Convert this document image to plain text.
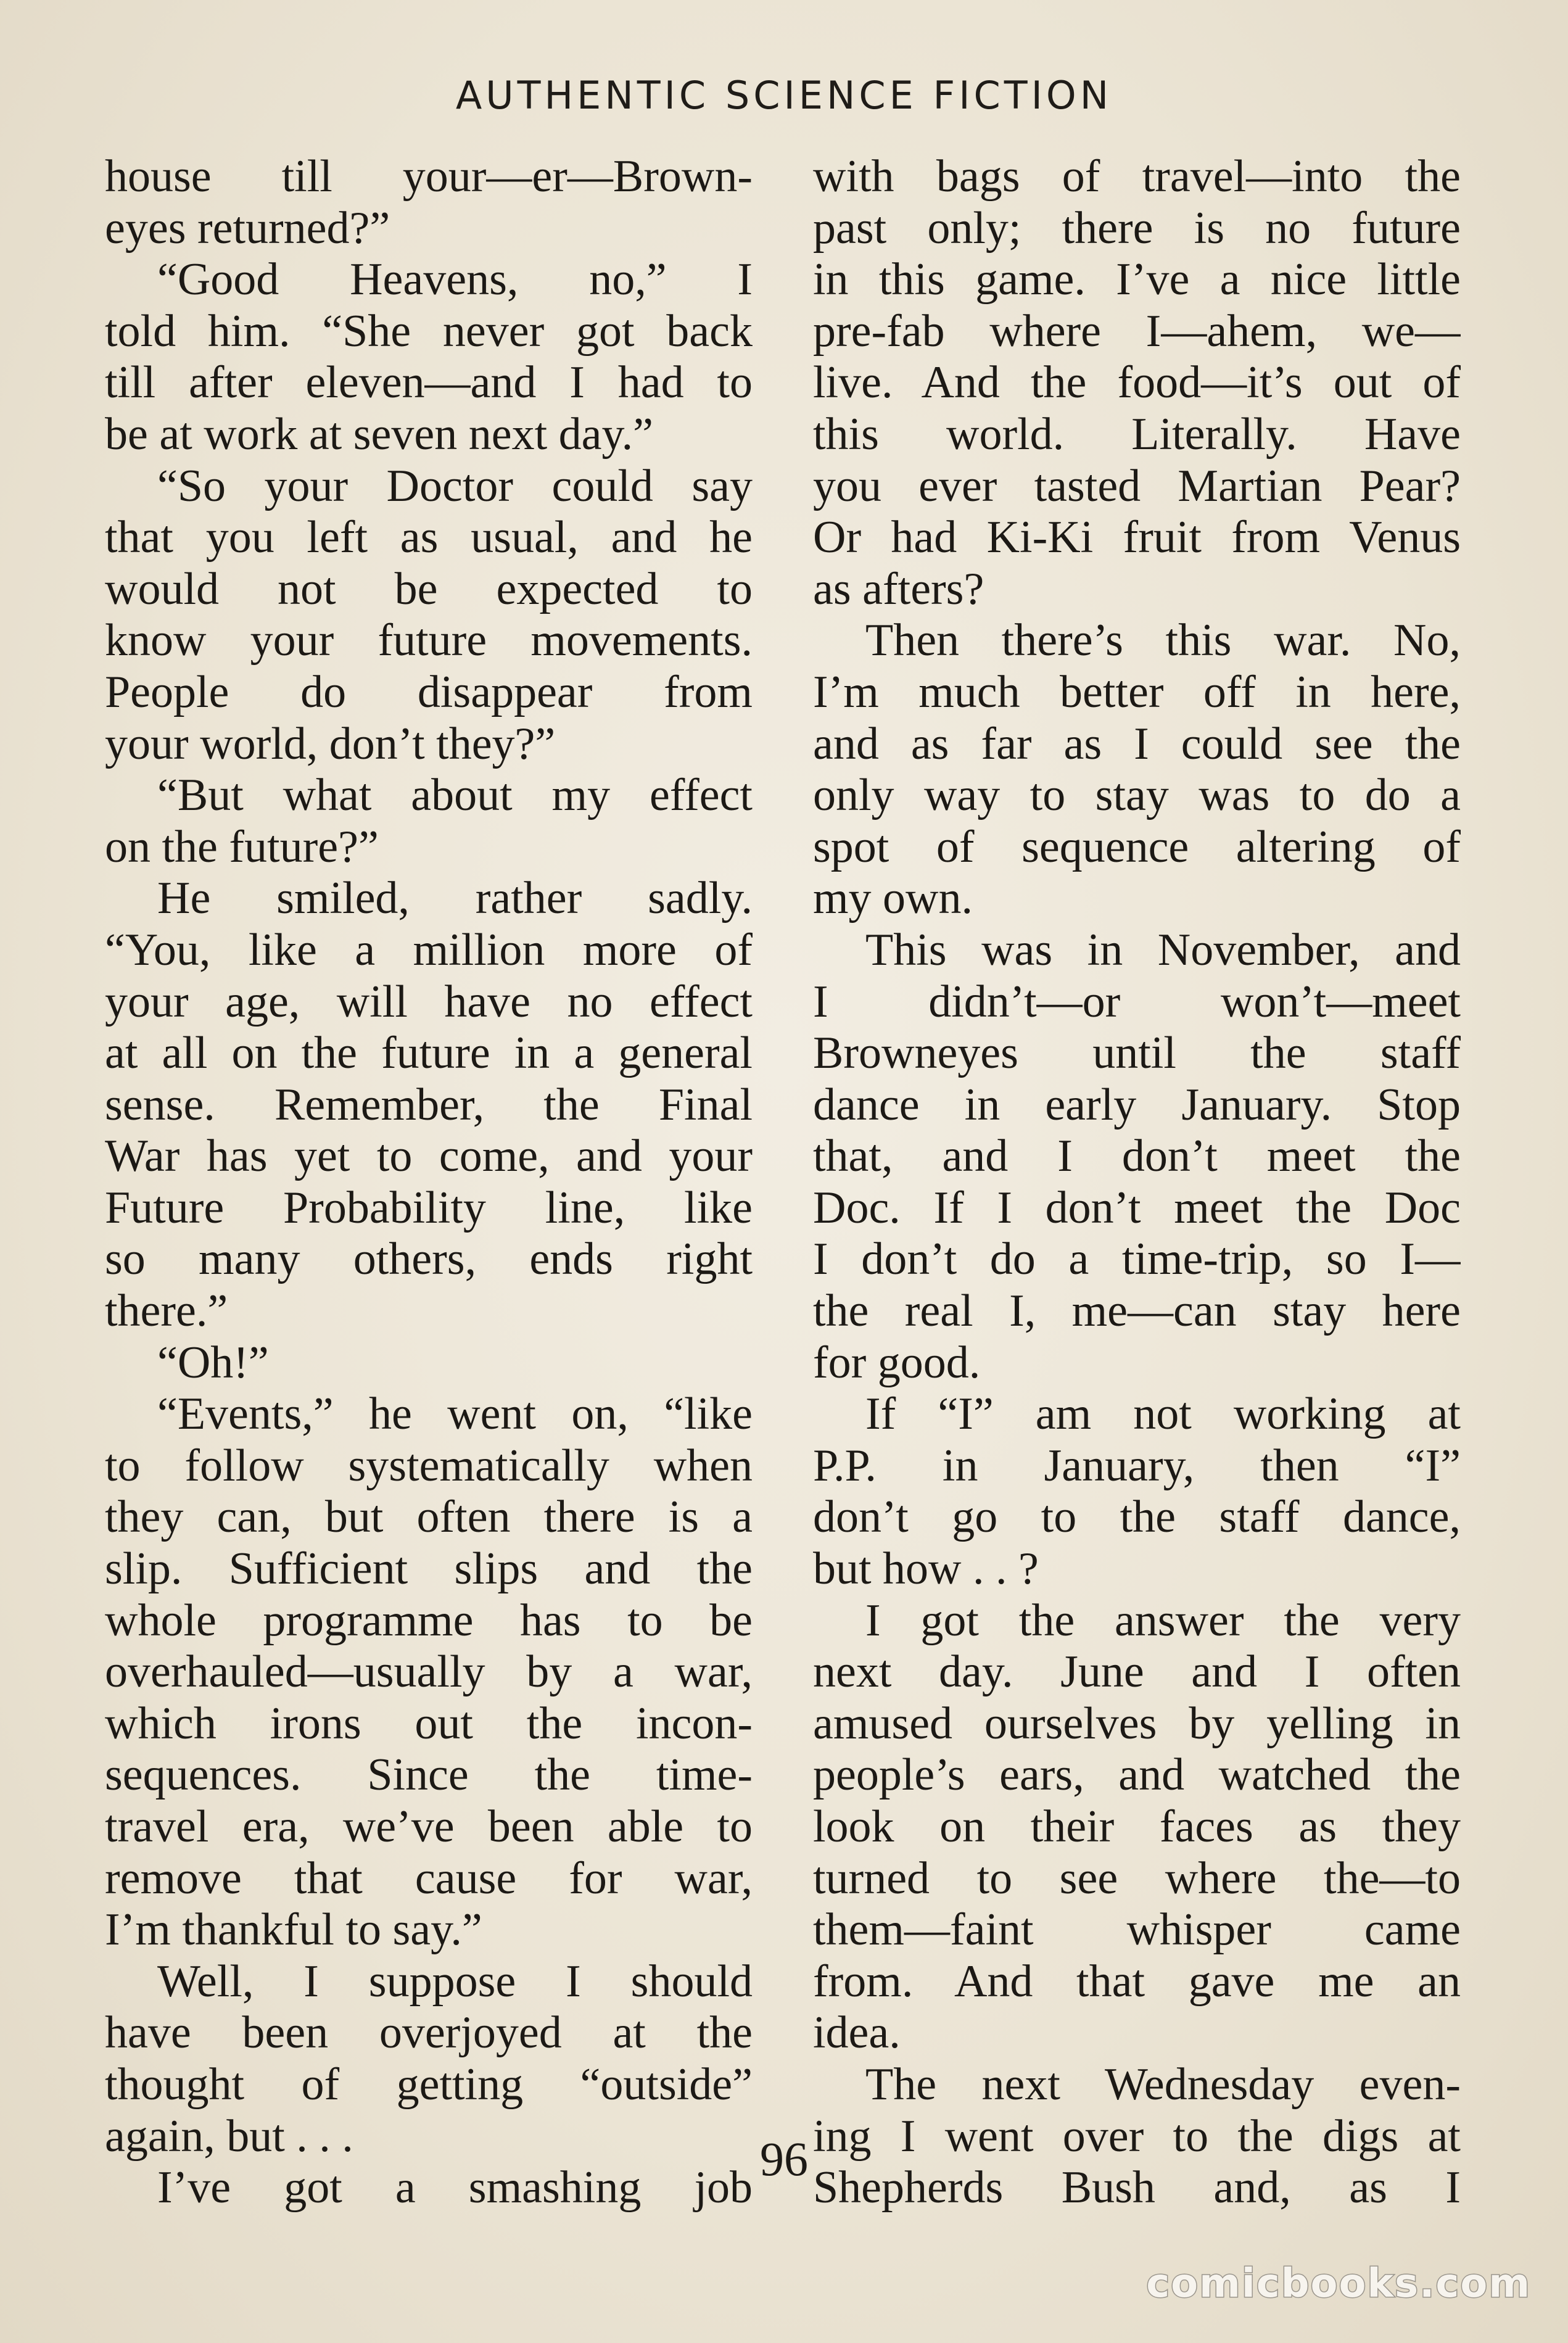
AUTHENTIC SCIENCE FICTION
house till your—er—Brown-
eyes returned?”
“Good Heavens, no,” I
told him. “She never got back
till after eleven—and I had to
be at work at seven next day.”
“So your Doctor could say
that you left as usual, and he
would not be expected to
know your future movements.
People do disappear from
your world, don’t they?”
“But what about my effect
on the future?”
He smiled, rather sadly.
“You, like a million more of
your age, will have no effect
at all on the future in a general
sense. Remember, the Final
War has yet to come, and your
Future Probability line, like
so many others, ends right
there.”
“Oh!”
“Events,” he went on, “like
to follow systematically when
they can, but often there is a
slip. Sufficient slips and the
whole programme has to be
overhauled—usually by a war,
which irons out the incon-
sequences. Since the time-
travel era, we’ve been able to
remove that cause for war,
I’m thankful to say.”
Well, I suppose I should
have been overjoyed at the
thought of getting “outside”
again, but . . .
I’ve got a smashing job
with bags of travel—into the
past only; there is no future
in this game. I’ve a nice little
pre-fab where I—ahem, we—
live. And the food—it’s out of
this world. Literally. Have
you ever tasted Martian Pear?
Or had Ki-Ki fruit from Venus
as afters?
Then there’s this war. No,
I’m much better off in here,
and as far as I could see the
only way to stay was to do a
spot of sequence altering of
my own.
This was in November, and
I didn’t—or won’t—meet
Browneyes until the staff
dance in early January. Stop
that, and I don’t meet the
Doc. If I don’t meet the Doc
I don’t do a time-trip, so I—
the real I, me—can stay here
for good.
If “I” am not working at
P.P. in January, then “I”
don’t go to the staff dance,
but how . . ?
I got the answer the very
next day. June and I often
amused ourselves by yelling in
people’s ears, and watched the
look on their faces as they
turned to see where the—to
them—faint whisper came
from. And that gave me an
idea.
The next Wednesday even-
ing I went over to the digs at
Shepherds Bush and, as I
96
comicbooks.com
